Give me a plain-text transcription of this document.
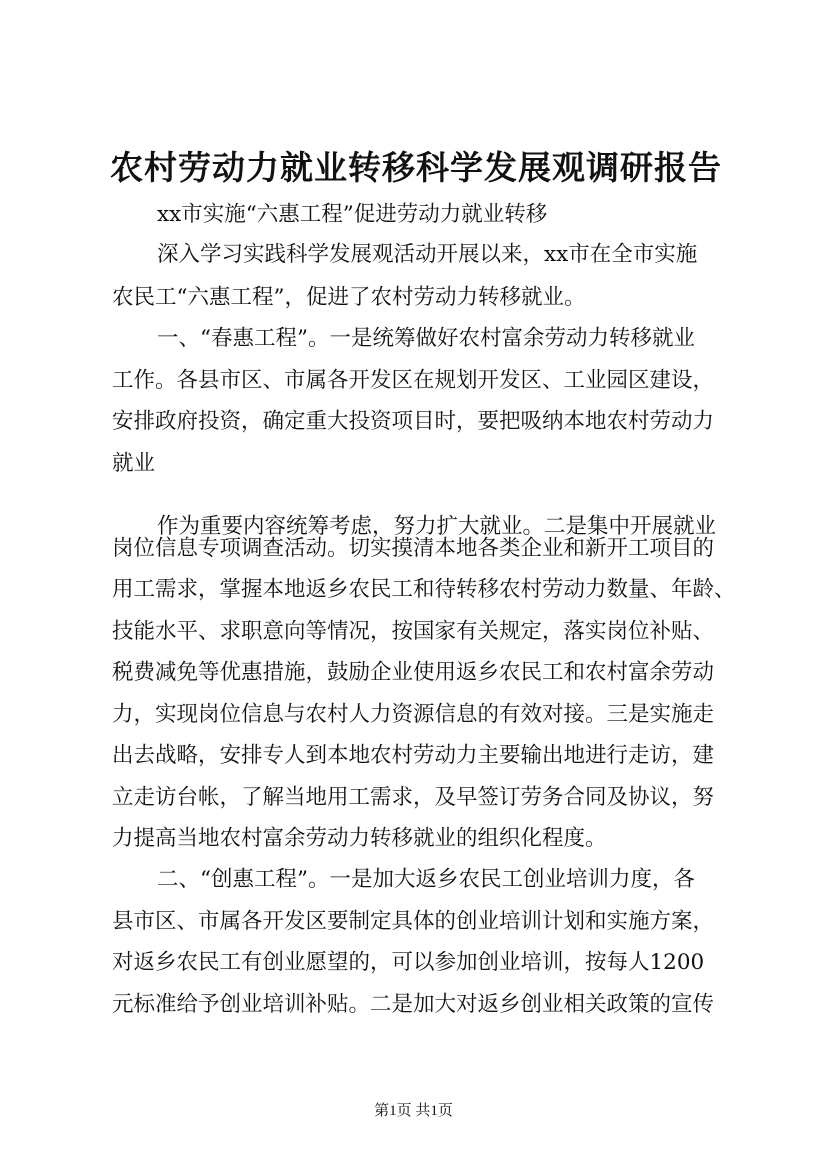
农村劳动力就业转移科学发展观调研报告
xx市实施“六惠工程”促进劳动力就业转移
深入学习实践科学发展观活动开展以来，xx市在全市实施
农民工“六惠工程”，促进了农村劳动力转移就业。
一、“春惠工程”。一是统筹做好农村富余劳动力转移就业
工作。各县市区、市属各开发区在规划开发区、工业园区建设，
安排政府投资，确定重大投资项目时，要把吸纳本地农村劳动力
就业
作为重要内容统筹考虑，努力扩大就业。二是集中开展就业
岗位信息专项调查活动。切实摸清本地各类企业和新开工项目的
用工需求，掌握本地返乡农民工和待转移农村劳动力数量、年龄、
技能水平、求职意向等情况，按国家有关规定，落实岗位补贴、
税费减免等优惠措施，鼓励企业使用返乡农民工和农村富余劳动
力，实现岗位信息与农村人力资源信息的有效对接。三是实施走
出去战略，安排专人到本地农村劳动力主要输出地进行走访，建
立走访台帐，了解当地用工需求，及早签订劳务合同及协议，努
力提高当地农村富余劳动力转移就业的组织化程度。
二、“创惠工程”。一是加大返乡农民工创业培训力度，各
县市区、市属各开发区要制定具体的创业培训计划和实施方案，
对返乡农民工有创业愿望的，可以参加创业培训，按每人1200
元标准给予创业培训补贴。二是加大对返乡创业相关政策的宣传
第1页 共1页
